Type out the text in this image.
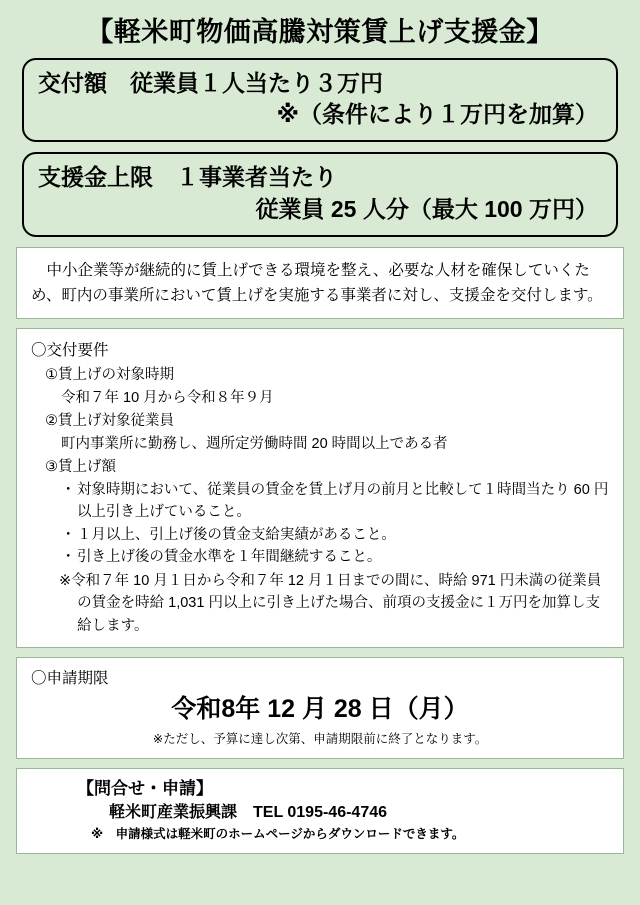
【軽米町物価高騰対策賃上げ支援金】
交付額　従業員１人当たり３万円
※（条件により１万円を加算）
支援金上限　１事業者当たり
従業員 25 人分（最大 100 万円）

中小企業等が継続的に賃上げできる環境を整え、必要な人材を確保していくため、町内の事業所において賃上げを実施する事業者に対し、支援金を交付します。

〇交付要件
①賃上げの対象時期
令和７年 10 月から令和８年９月
②賃上げ対象従業員
町内事業所に勤務し、週所定労働時間 20 時間以上である者
③賃上げ額
・ 対象時期において、従業員の賃金を賃上げ月の前月と比較して１時間当たり 60 円以上引き上げていること。
・ １月以上、引上げ後の賃金支給実績があること。
・ 引き上げ後の賃金水準を１年間継続すること。
※令和７年 10 月１日から令和７年 12 月１日までの間に、時給 971 円未満の従業員の賃金を時給 1,031 円以上に引き上げた場合、前項の支援金に１万円を加算し支給します。
〇申請期限
令和8年 12 月 28 日（月）
※ただし、予算に達し次第、申請期限前に終了となります。
【問合せ・申請】
軽米町産業振興課　TEL 0195-46-4746
※　申請様式は軽米町のホームページからダウンロードできます。
